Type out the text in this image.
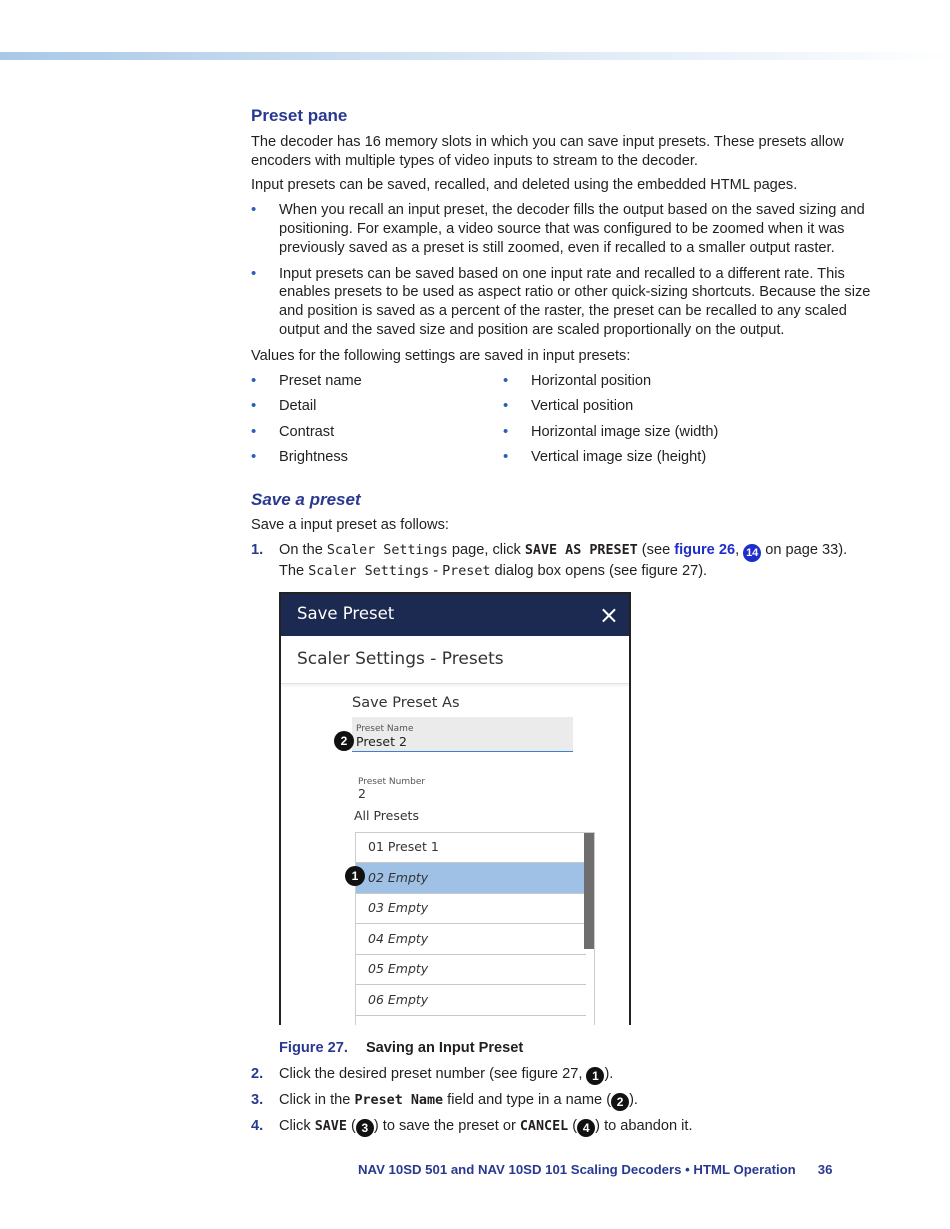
Preset pane

The decoder has 16 memory slots in which you can save input presets. These presets allow encoders with multiple types of video inputs to stream to the decoder.

Input presets can be saved, recalled, and deleted using the embedded HTML pages.

• When you recall an input preset, the decoder fills the output based on the saved sizing and positioning. For example, a video source that was configured to be zoomed when it was previously saved as a preset is still zoomed, even if recalled to a smaller output raster.
• Input presets can be saved based on one input rate and recalled to a different rate. This enables presets to be used as aspect ratio or other quick-sizing shortcuts. Because the size and position is saved as a percent of the raster, the preset can be recalled to any scaled output and the saved size and position are scaled proportionally on the output.

Values for the following settings are saved in input presets:

• Preset name
• Detail
• Contrast
• Brightness
• Horizontal position
• Vertical position
• Horizontal image size (width)
• Vertical image size (height)
Save a preset

Save a input preset as follows:

1. On the Scaler Settings page, click SAVE AS PRESET (see figure 26, 14 on page 33).
The Scaler Settings - Preset dialog box opens (see figure 27).
Save Preset	×
Scaler Settings - Presets
Save Preset As
Preset Name
Preset 2
2
Preset Number
2
All Presets
01 Preset 1
02 Empty
03 Empty
04 Empty
05 Empty
06 Empty
1
Figure 27. Saving an Input Preset
2. Click the desired preset number (see figure 27, 1 ).
3. Click in the Preset Name field and type in a name ( 2 ).
4. Click SAVE ( 3 ) to save the preset or CANCEL ( 4 ) to abandon it.
NAV 10SD 501 and NAV 10SD 101 Scaling Decoders • HTML Operation 36
